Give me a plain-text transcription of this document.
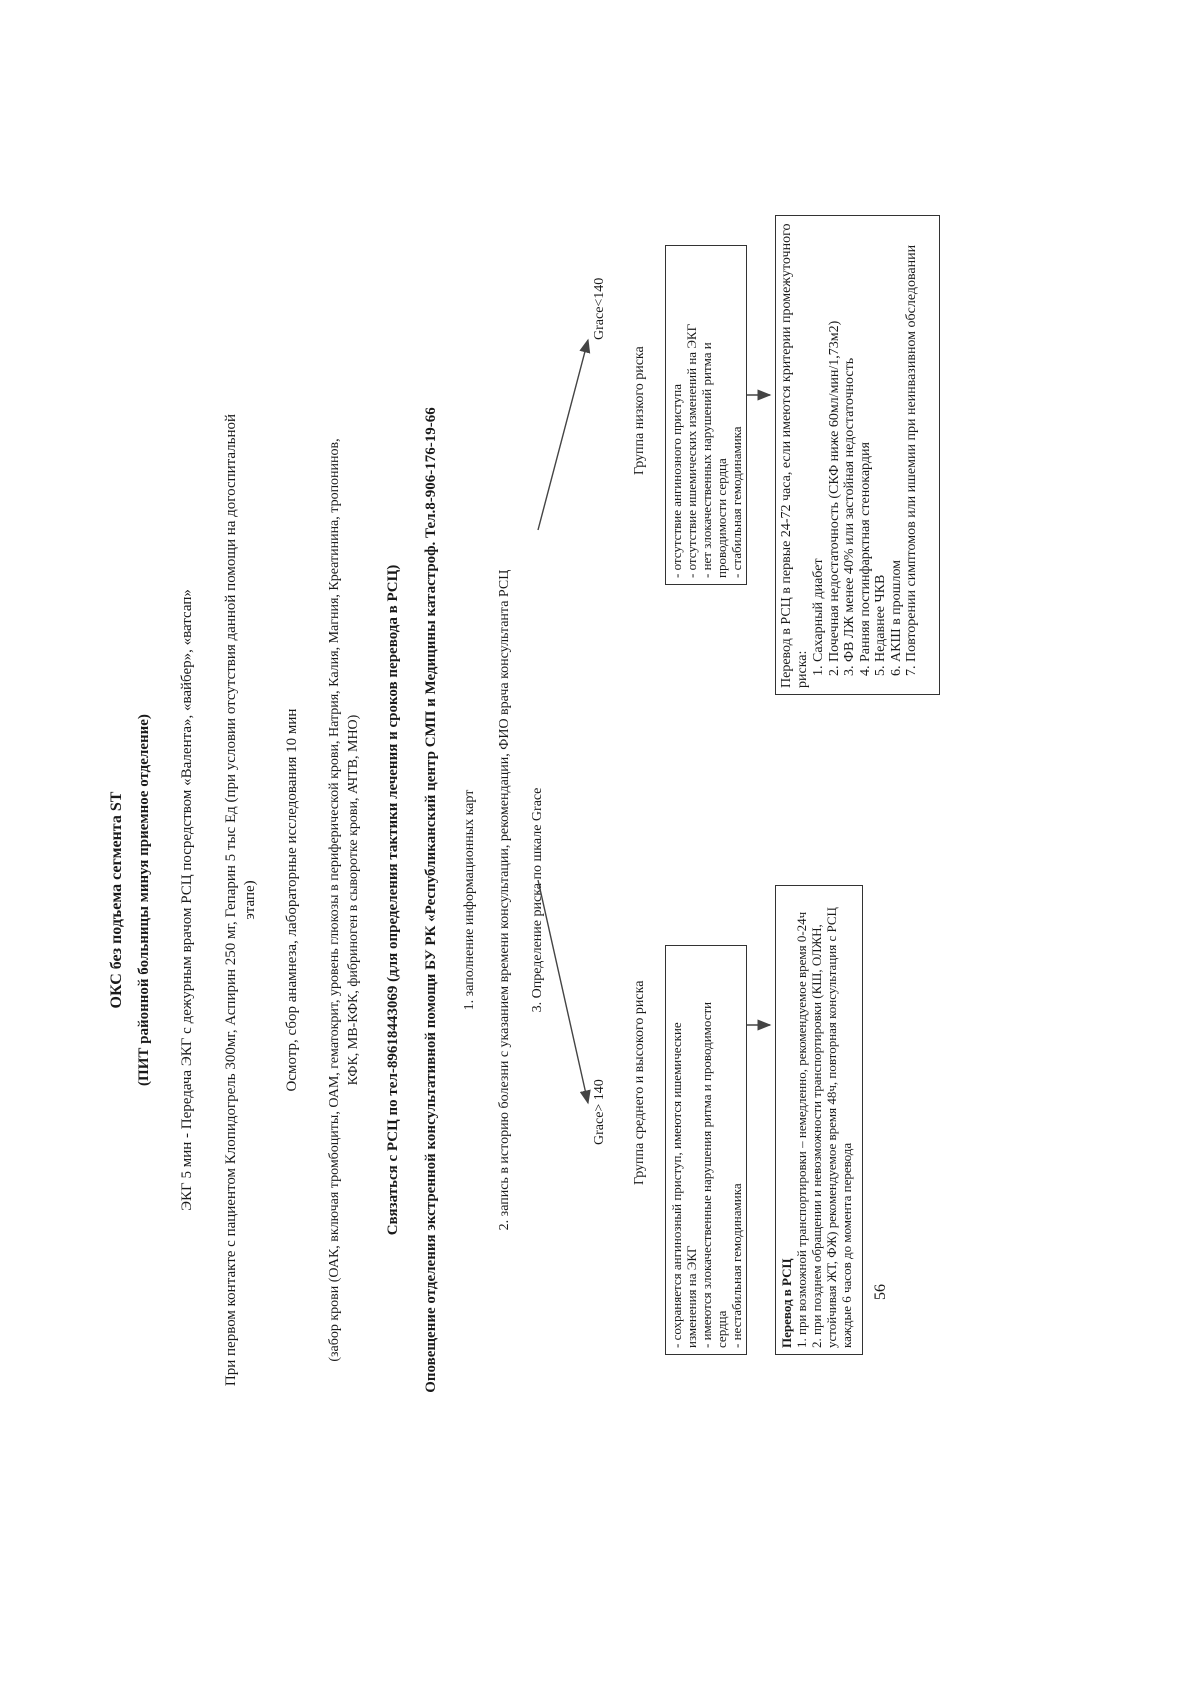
ОКС без подъема сегмента ST (ПИТ районной больницы минуя приемное отделение) ЭКГ 5 мин - Передача ЭКГ с дежурным врачом РСЦ посредством «Валента», «вайбер», «ватсап» При первом контакте с пациентом Клопидогрель 300мг, Аспирин 250 мг, Гепарин 5 тыс Ед (при условии отсутствия данной помощи на догоспитальной этапе) Осмотр, сбор анамнеза, лабораторные исследования 10 мин (забор крови (ОАК, включая тромбоциты, ОАМ, гематокрит, уровень глюкозы в периферической крови, Натрия, Калия, Магния, Креатинина, тропонинов, КФК, МВ-КФК, фибриноген в сыворотке крови, АЧТВ, МНО) Связаться с РСЦ по тел-89618443069 (для определения тактики лечения и сроков перевода в РСЦ) Оповещение отделения экстренной консультативной помощи БУ РК «Республиканский центр СМП и Медицины катастроф. Тел.8-906-176-19-66 1. заполнение информационных карт 2. запись в историю болезни с указанием времени консультации, рекомендации, ФИО врача консультанта РСЦ 3. Определение риска по шкале Grace
Grace> 140
Grace<140
Группа среднего и высокого риска
Группа низкого риска
- сохраняется ангинозный приступ, имеются ишемические изменения на ЭКГ - имеются злокачественные нарушения ритма и проводимости сердца - нестабильная гемодинамика
- отсутствие ангинозного приступа - отсутствие ишемических изменений на ЭКГ - нет злокачественных нарушений ритма и проводимости сердца - стабильная гемодинамика
Перевод в РСЦ 1. при возможной транспортировки – немедленно, рекомендуемое время 0-24ч 2. при позднем обращении и невозможности транспортировки (КШ, ОЛЖН, устойчивая ЖТ, ФЖ) рекомендуемое время 48ч, повторная консультация с РСЦ каждые 6 часов до момента перевода
Перевод в РСЦ в первые 24-72 часа, если имеются критерии промежуточного риска:
1. Сахарный диабет 2. Почечная недостаточность (СКФ ниже 60мл/мин/1,73м2) 3. ФВ ЛЖ менее 40% или застойная недостаточность 4. Ранняя постинфарктная стенокардия 5. Недавнее ЧКВ 6. АКШ в прошлом 7. Повторении симптомов или ишемии при неинвазивном обследовании
56
